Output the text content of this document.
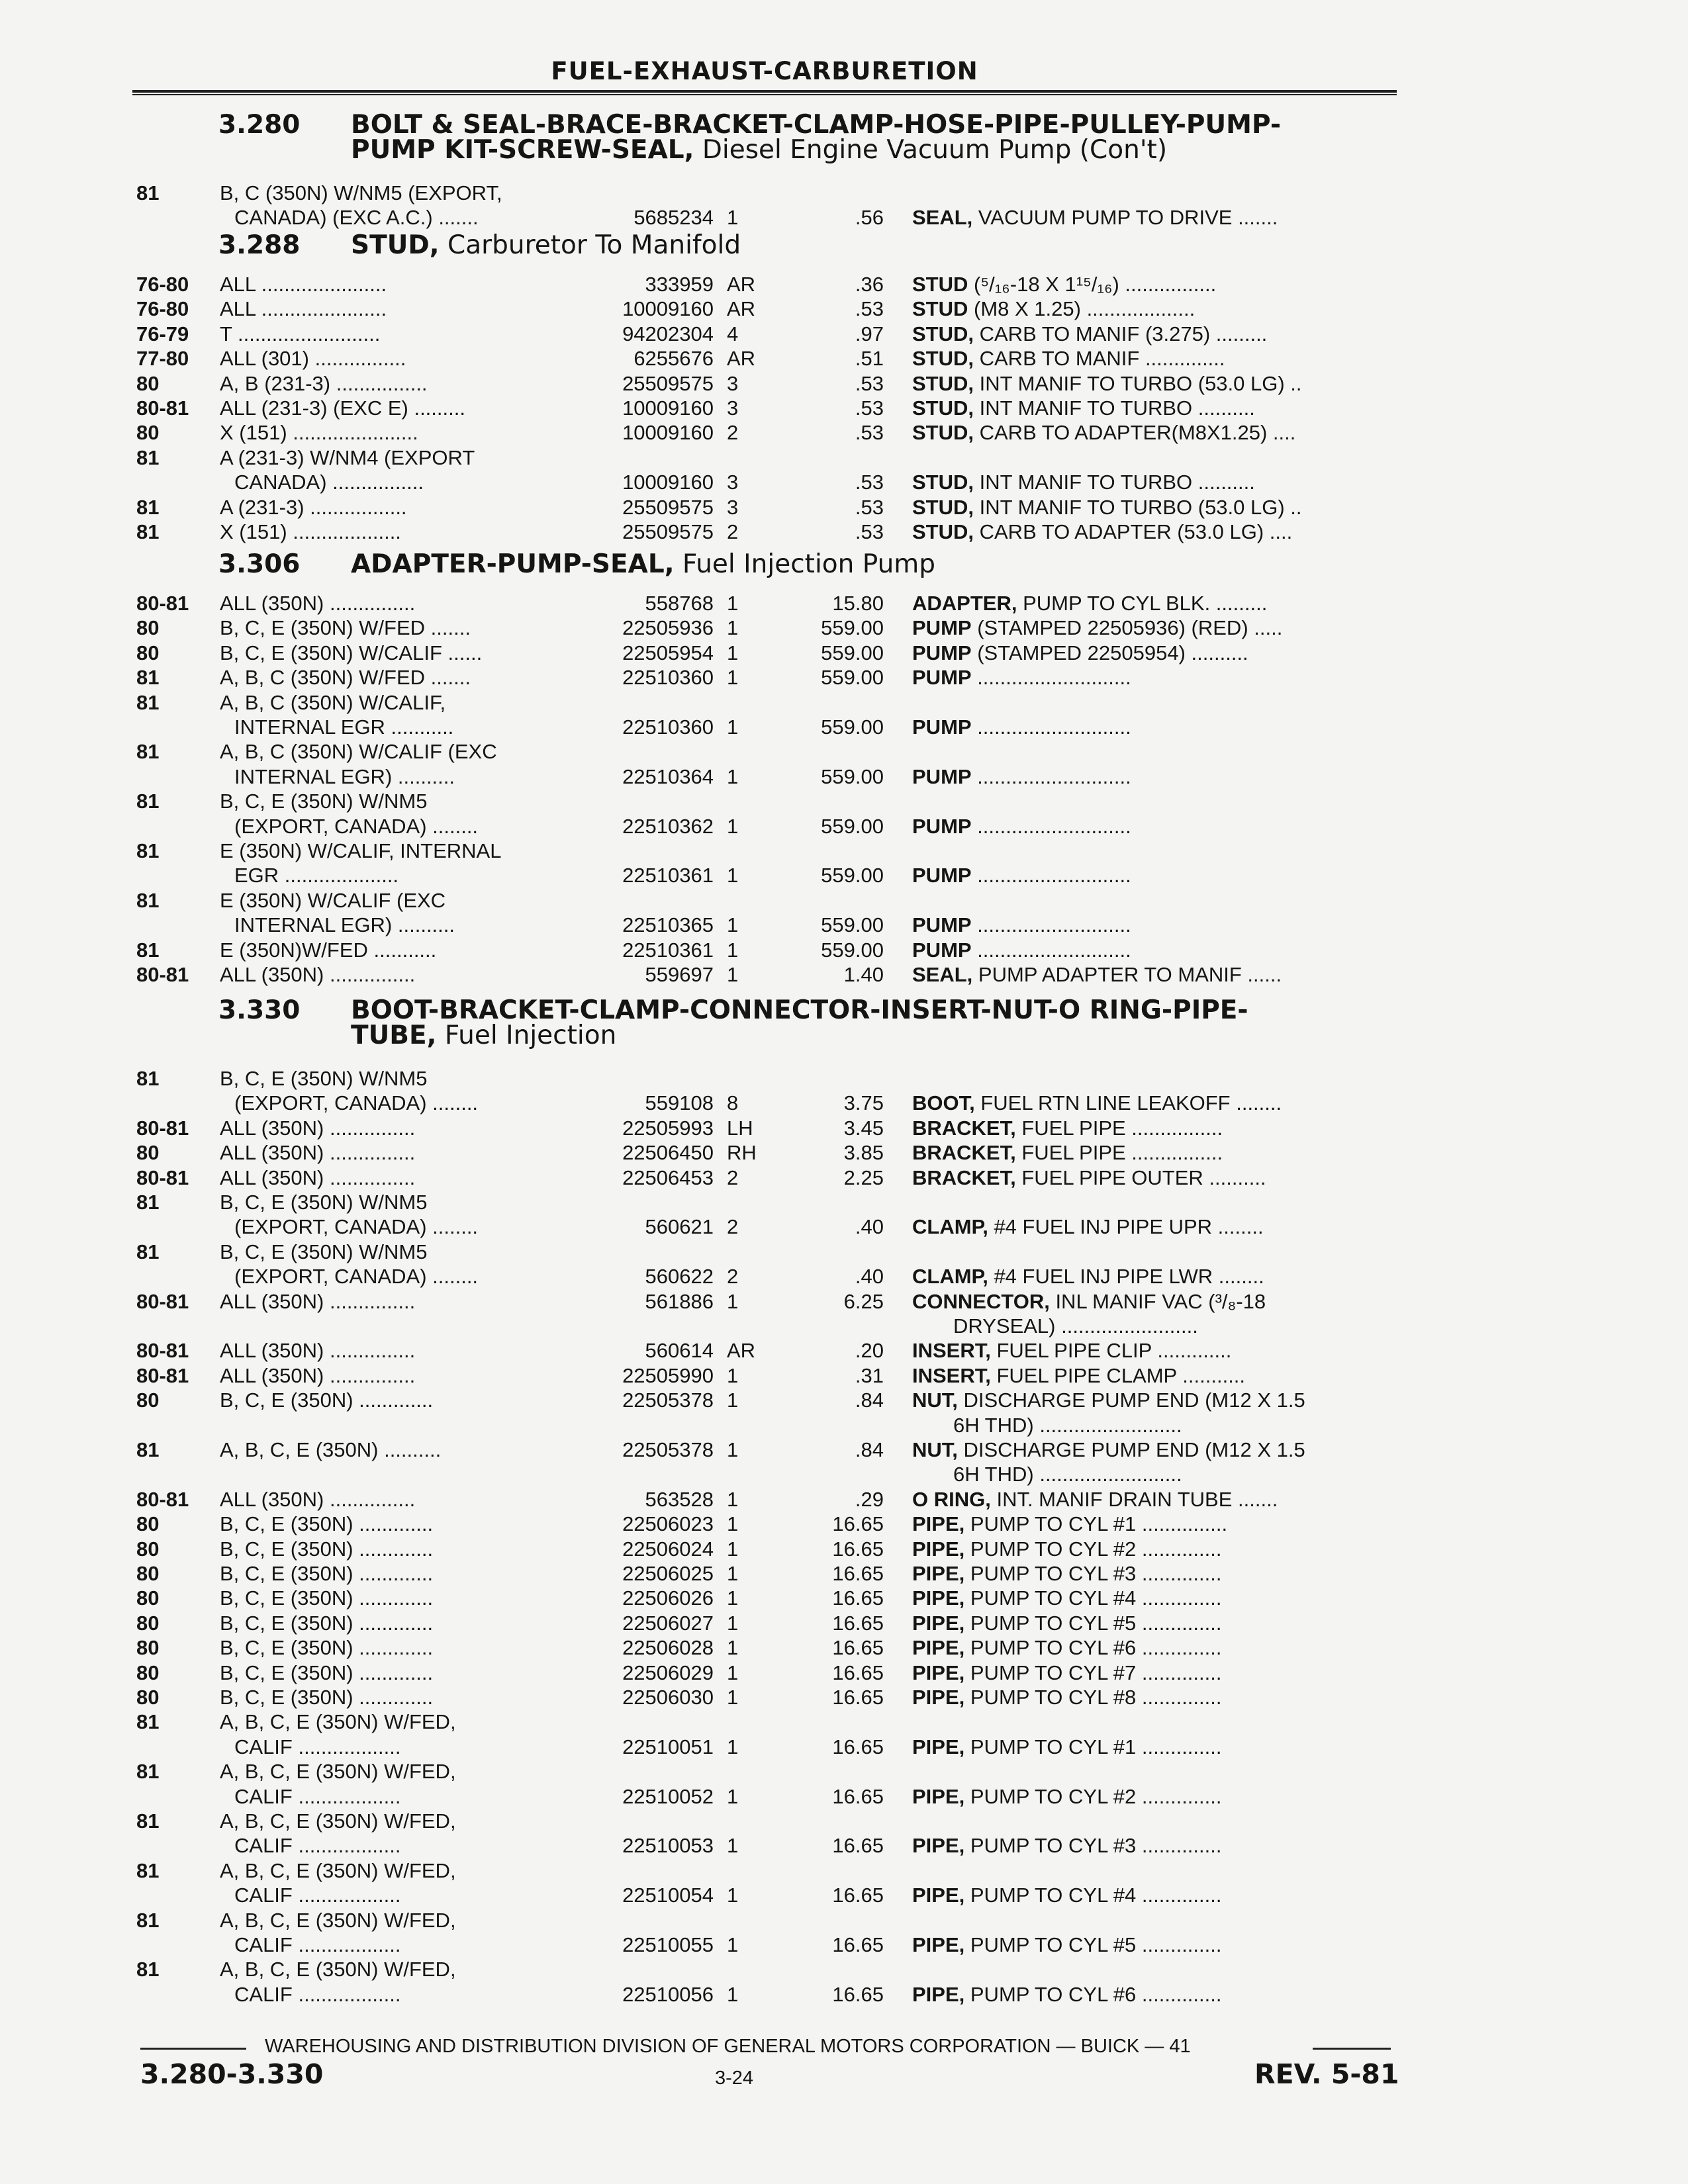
FUEL-EXHAUST-CARBURETION
3.280 BOLT & SEAL-BRACE-BRACKET-CLAMP-HOSE-PIPE-PULLEY-PUMP-
PUMP KIT-SCREW-SEAL, Diesel Engine Vacuum Pump (Con't)
81	B, C (350N) W/NM5 (EXPORT,
CANADA) (EXC A.C.) .......	5685234 1	.56 SEAL, VACUUM PUMP TO DRIVE .......
3.288 STUD, Carburetor To Manifold
76-80 ALL ......................	333959 AR	.36 STUD (⁵/₁₆-18 X 1¹⁵/₁₆) ................
76-80 ALL ......................	10009160 AR	.53 STUD (M8 X 1.25) ...................
76-79 T .........................	94202304 4	.97 STUD, CARB TO MANIF (3.275) .........
77-80 ALL (301) ................	6255676 AR	.51 STUD, CARB TO MANIF ..............
80	A, B (231-3) ................	25509575 3	.53 STUD, INT MANIF TO TURBO (53.0 LG) ..
80-81 ALL (231-3) (EXC E) .........	10009160 3	.53 STUD, INT MANIF TO TURBO ..........
80	X (151) ......................	10009160 2	.53 STUD, CARB TO ADAPTER(M8X1.25) ....
81	A (231-3) W/NM4 (EXPORT
CANADA) ................	10009160 3	.53 STUD, INT MANIF TO TURBO ..........
81	A (231-3) .................	25509575 3	.53 STUD, INT MANIF TO TURBO (53.0 LG) ..
81	X (151) ...................	25509575 2	.53 STUD, CARB TO ADAPTER (53.0 LG) ....
3.306 ADAPTER-PUMP-SEAL, Fuel Injection Pump
80-81 ALL (350N) ...............	558768 1	15.80 ADAPTER, PUMP TO CYL BLK. .........
80	B, C, E (350N) W/FED .......	22505936 1	559.00 PUMP (STAMPED 22505936) (RED) .....
80	B, C, E (350N) W/CALIF ......	22505954 1	559.00 PUMP (STAMPED 22505954) ..........
81	A, B, C (350N) W/FED .......	22510360 1	559.00 PUMP ...........................
81	A, B, C (350N) W/CALIF,
INTERNAL EGR ...........	22510360 1	559.00 PUMP ...........................
81	A, B, C (350N) W/CALIF (EXC
INTERNAL EGR) ..........	22510364 1	559.00 PUMP ...........................
81	B, C, E (350N) W/NM5
(EXPORT, CANADA) ........	22510362 1	559.00 PUMP ...........................
81	E (350N) W/CALIF, INTERNAL
EGR ....................	22510361 1	559.00 PUMP ...........................
81	E (350N) W/CALIF (EXC
INTERNAL EGR) ..........	22510365 1	559.00 PUMP ...........................
81	E (350N)W/FED ...........	22510361 1	559.00 PUMP ...........................
80-81 ALL (350N) ...............	559697 1	1.40 SEAL, PUMP ADAPTER TO MANIF ......
3.330 BOOT-BRACKET-CLAMP-CONNECTOR-INSERT-NUT-O RING-PIPE-
TUBE, Fuel Injection
81	B, C, E (350N) W/NM5
(EXPORT, CANADA) ........	559108 8	3.75 BOOT, FUEL RTN LINE LEAKOFF ........
80-81 ALL (350N) ...............	22505993 LH	3.45 BRACKET, FUEL PIPE ................
80	ALL (350N) ...............	22506450 RH	3.85 BRACKET, FUEL PIPE ................
80-81 ALL (350N) ...............	22506453 2	2.25 BRACKET, FUEL PIPE OUTER ..........
81	B, C, E (350N) W/NM5
(EXPORT, CANADA) ........	560621 2	.40 CLAMP, #4 FUEL INJ PIPE UPR ........
81	B, C, E (350N) W/NM5
(EXPORT, CANADA) ........	560622 2	.40 CLAMP, #4 FUEL INJ PIPE LWR ........
80-81 ALL (350N) ...............	561886 1	6.25 CONNECTOR, INL MANIF VAC (³/₈-18
DRYSEAL) ........................
80-81 ALL (350N) ...............	560614 AR	.20 INSERT, FUEL PIPE CLIP .............
80-81 ALL (350N) ...............	22505990 1	.31 INSERT, FUEL PIPE CLAMP ...........
80	B, C, E (350N) .............	22505378 1	.84 NUT, DISCHARGE PUMP END (M12 X 1.5
6H THD) .........................
81	A, B, C, E (350N) ..........	22505378 1	.84 NUT, DISCHARGE PUMP END (M12 X 1.5
6H THD) .........................
80-81 ALL (350N) ...............	563528 1	.29 O RING, INT. MANIF DRAIN TUBE .......
80	B, C, E (350N) .............	22506023 1	16.65 PIPE, PUMP TO CYL #1 ...............
80	B, C, E (350N) .............	22506024 1	16.65 PIPE, PUMP TO CYL #2 ..............
80	B, C, E (350N) .............	22506025 1	16.65 PIPE, PUMP TO CYL #3 ..............
80	B, C, E (350N) .............	22506026 1	16.65 PIPE, PUMP TO CYL #4 ..............
80	B, C, E (350N) .............	22506027 1	16.65 PIPE, PUMP TO CYL #5 ..............
80	B, C, E (350N) .............	22506028 1	16.65 PIPE, PUMP TO CYL #6 ..............
80	B, C, E (350N) .............	22506029 1	16.65 PIPE, PUMP TO CYL #7 ..............
80	B, C, E (350N) .............	22506030 1	16.65 PIPE, PUMP TO CYL #8 ..............
81	A, B, C, E (350N) W/FED,
CALIF ..................	22510051 1	16.65 PIPE, PUMP TO CYL #1 ..............
81	A, B, C, E (350N) W/FED,
CALIF ..................	22510052 1	16.65 PIPE, PUMP TO CYL #2 ..............
81	A, B, C, E (350N) W/FED,
CALIF ..................	22510053 1	16.65 PIPE, PUMP TO CYL #3 ..............
81	A, B, C, E (350N) W/FED,
CALIF ..................	22510054 1	16.65 PIPE, PUMP TO CYL #4 ..............
81	A, B, C, E (350N) W/FED,
CALIF ..................	22510055 1	16.65 PIPE, PUMP TO CYL #5 ..............
81	A, B, C, E (350N) W/FED,
CALIF ..................	22510056 1	16.65 PIPE, PUMP TO CYL #6 ..............
WAREHOUSING AND DISTRIBUTION DIVISION OF GENERAL MOTORS CORPORATION — BUICK — 41
3.280-3.330	3-24	REV. 5-81
